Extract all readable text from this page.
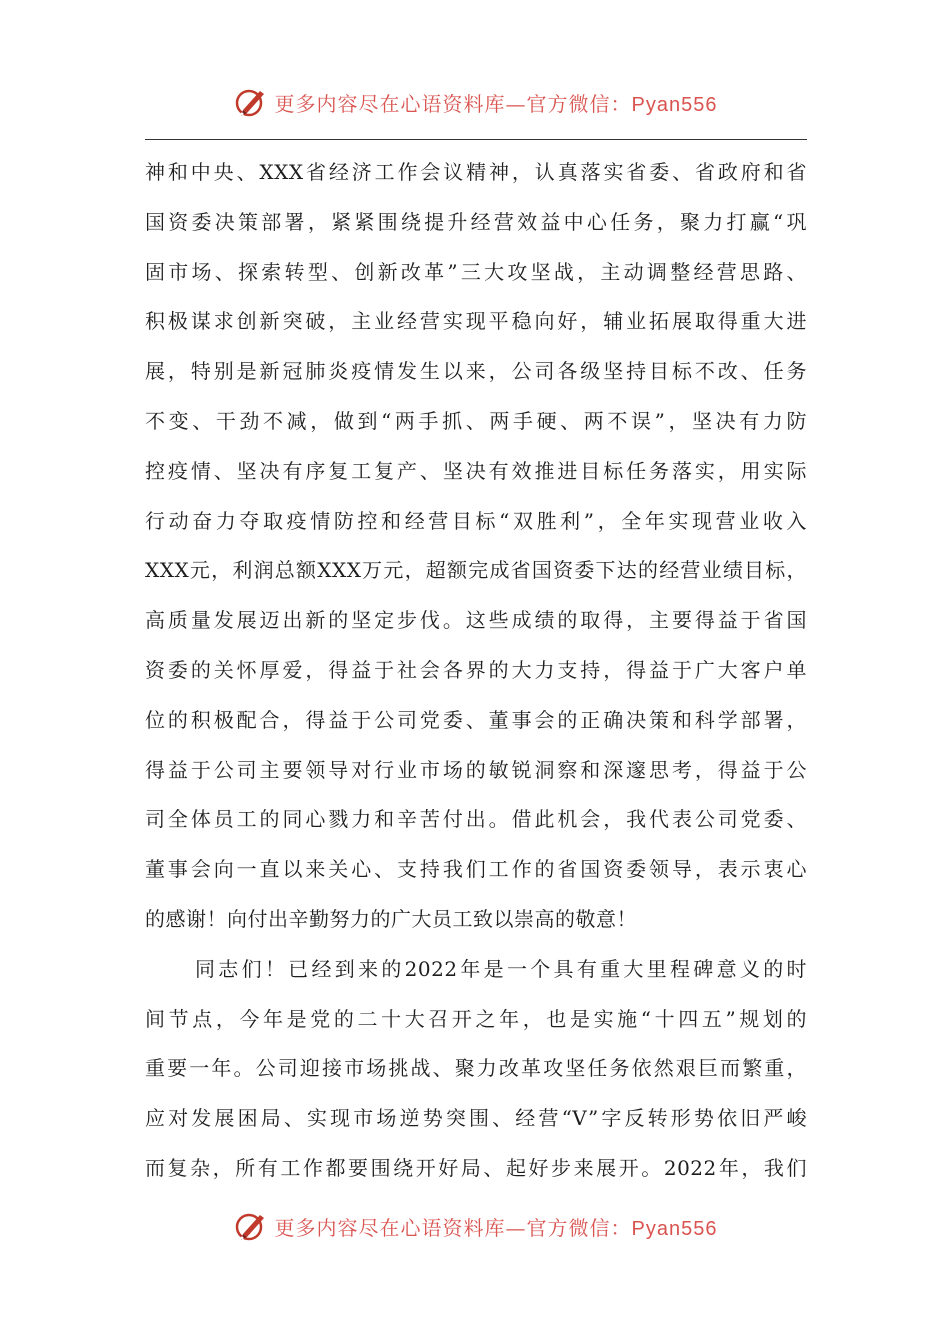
更多内容尽在心语资料库—官方微信：Pyan556
神和中央、XXX省经济工作会议精神，认真落实省委、省政府和省
国资委决策部署，紧紧围绕提升经营效益中心任务，聚力打赢“巩
固市场、探索转型、创新改革”三大攻坚战，主动调整经营思路、
积极谋求创新突破，主业经营实现平稳向好，辅业拓展取得重大进
展，特别是新冠肺炎疫情发生以来，公司各级坚持目标不改、任务
不变、干劲不减，做到“两手抓、两手硬、两不误”，坚决有力防
控疫情、坚决有序复工复产、坚决有效推进目标任务落实，用实际
行动奋力夺取疫情防控和经营目标“双胜利”，全年实现营业收入
XXX元，利润总额XXX万元，超额完成省国资委下达的经营业绩目标，
高质量发展迈出新的坚定步伐。这些成绩的取得，主要得益于省国
资委的关怀厚爱，得益于社会各界的大力支持，得益于广大客户单
位的积极配合，得益于公司党委、董事会的正确决策和科学部署，
得益于公司主要领导对行业市场的敏锐洞察和深邃思考，得益于公
司全体员工的同心戮力和辛苦付出。借此机会，我代表公司党委、
董事会向一直以来关心、支持我们工作的省国资委领导，表示衷心
的感谢！向付出辛勤努力的广大员工致以崇高的敬意！
同志们！已经到来的2022年是一个具有重大里程碑意义的时
间节点，今年是党的二十大召开之年，也是实施“十四五”规划的
重要一年。公司迎接市场挑战、聚力改革攻坚任务依然艰巨而繁重，
应对发展困局、实现市场逆势突围、经营“V”字反转形势依旧严峻
而复杂，所有工作都要围绕开好局、起好步来展开。2022年，我们
更多内容尽在心语资料库—官方微信：Pyan556
